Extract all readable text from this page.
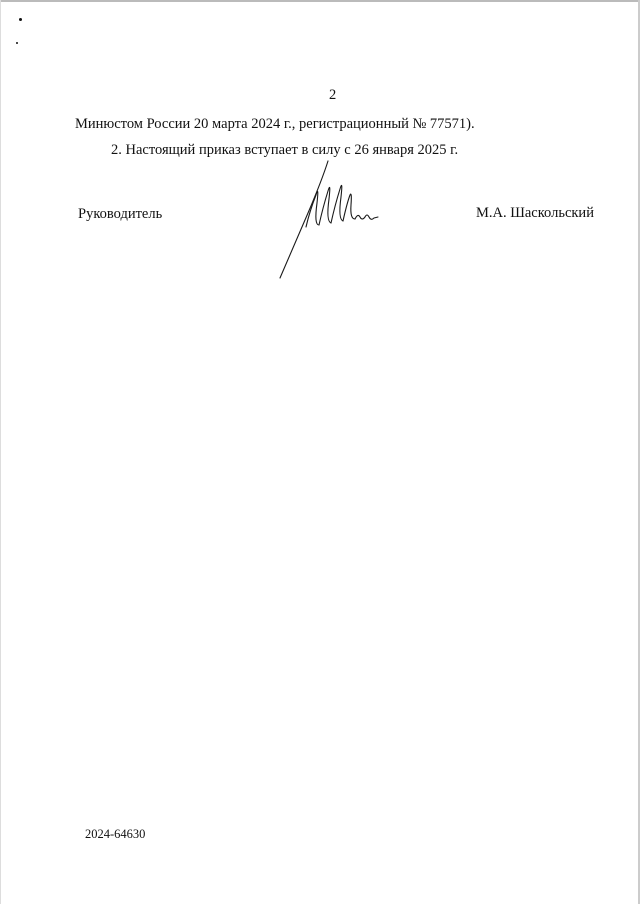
2
Минюстом России 20 марта 2024 г., регистрационный № 77571).
2. Настоящий приказ вступает в силу с 26 января 2025 г.
Руководитель	М.А. Шаскольский
2024-64630
